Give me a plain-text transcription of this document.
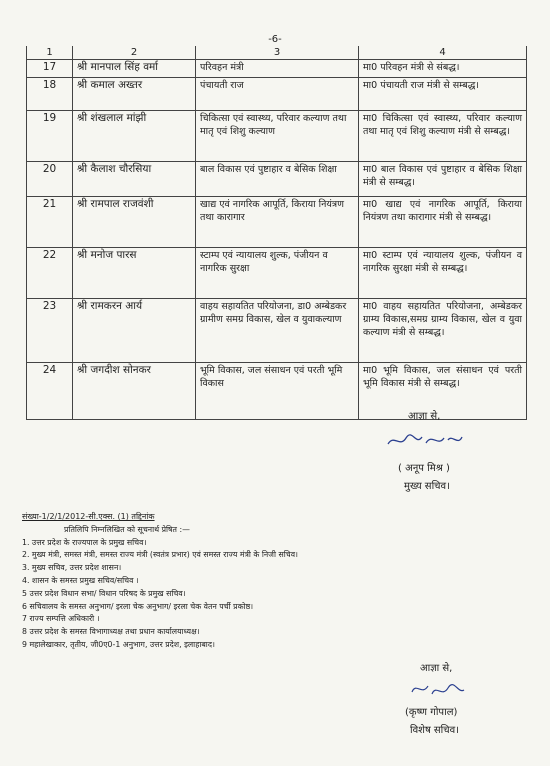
-6-

1	2	3	4
17	श्री मानपाल सिंह वर्मा	परिवहन मंत्री	मा0 परिवहन मंत्री से संबद्ध।
18	श्री कमाल अख्तर	पंचायती राज	मा0 पंचायती राज मंत्री से सम्बद्ध।
19	श्री शंखलाल मांझी	चिकित्सा एवं स्वास्थ्य, परिवार कल्याण तथा मातृ एवं शिशु कल्याण	मा0 चिकित्सा एवं स्वास्थ्य, परिवार कल्याण तथा मातृ एवं शिशु कल्याण मंत्री से सम्बद्ध।
20	श्री कैलाश चौरसिया	बाल विकास एवं पुष्टाहार व बेसिक शिक्षा	मा0 बाल विकास एवं पुष्टाहार व बेसिक शिक्षा मंत्री से सम्बद्ध।
21	श्री रामपाल राजवंशी	खाद्य एवं नागरिक आपूर्ति, किराया नियंत्रण तथा कारागार	मा0 खाद्य एवं नागरिक आपूर्ति, किराया नियंत्रण तथा कारागार मंत्री से सम्बद्ध।
22	श्री मनोज पारस	स्टाम्प एवं न्यायालय शुल्क, पंजीयन व नागरिक सुरक्षा	मा0 स्टाम्प एवं न्यायालय शुल्क, पंजीयन व नागरिक सुरक्षा मंत्री से सम्बद्ध।
23	श्री रामकरन आर्य	वाहय सहायतित परियोजना, डा0 अम्बेडकर ग्रामीण समग्र विकास, खेल व युवाकल्याण	मा0 वाहय सहायतित परियोजना, अम्बेडकर ग्राम्य विकास,समग्र ग्राम्य विकास, खेल व युवा कल्याण मंत्री से सम्बद्ध।
24	श्री जगदीश सोनकर	भूमि विकास, जल संसाधन एवं परती भूमि विकास	मा0 भूमि विकास, जल संसाधन एवं परती भूमि विकास मंत्री से सम्बद्ध।
आज्ञा से,
( अनूप मिश्र )
मुख्य सचिव।
संख्या-1/2/1/2012-सी.एक्स. (1) तद्दिनांक
प्रतिलिपि निम्नलिखित को सूचनार्थ प्रेषित :—
1. उत्तर प्रदेश के राज्यपाल के प्रमुख सचिव।
2. मुख्य मंत्री, समस्त मंत्री, समस्त राज्य मंत्री (स्वतंत्र प्रभार) एवं समस्त राज्य मंत्री के निजी सचिव।
3. मुख्य सचिव, उत्तर प्रदेश शासन।
4. शासन के समस्त प्रमुख सचिव/सचिव ।
5 उत्तर प्रदेश विधान सभा/ विधान परिषद के प्रमुख सचिव।
6 सचिवालय के समस्त अनुभाग/ इरला चेक अनुभाग/ इरला चेक वेतन पर्ची प्रकोष्ठ।
7 राज्य सम्पत्ति अधिकारी ।
8 उत्तर प्रदेश के समस्त विभागाध्यक्ष तथा प्रधान कार्यालयाध्यक्ष।
9 महालेखाकार, तृतीय, जी0ए0-1 अनुभाग, उत्तर प्रदेश, इलाहाबाद।
आज्ञा से,
(कृष्ण गोपाल)
विशेष सचिव।
